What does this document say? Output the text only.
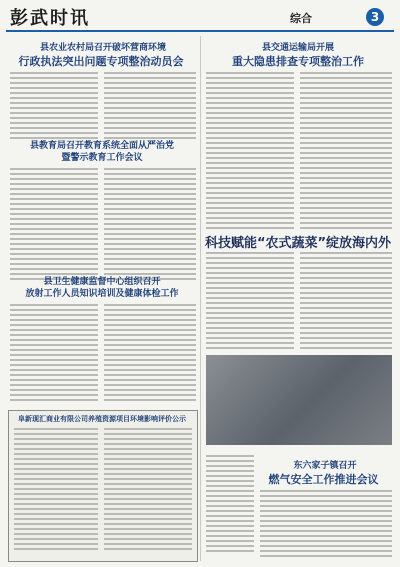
彭武时讯	综合	3
县农业农村局召开破坏营商环境
行政执法突出问题专项整治动员会
县交通运输局开展
重大隐患排查专项整治工作
县教育局召开教育系统全面从严治党
暨警示教育工作会议
科技赋能“农式蔬菜”绽放海内外
县卫生健康监督中心组织召开
放射工作人员知识培训及健康体检工作
阜新现汇商业有限公司养殖资源项目环境影响评价公示
东六家子镇召开
燃气安全工作推进会议
